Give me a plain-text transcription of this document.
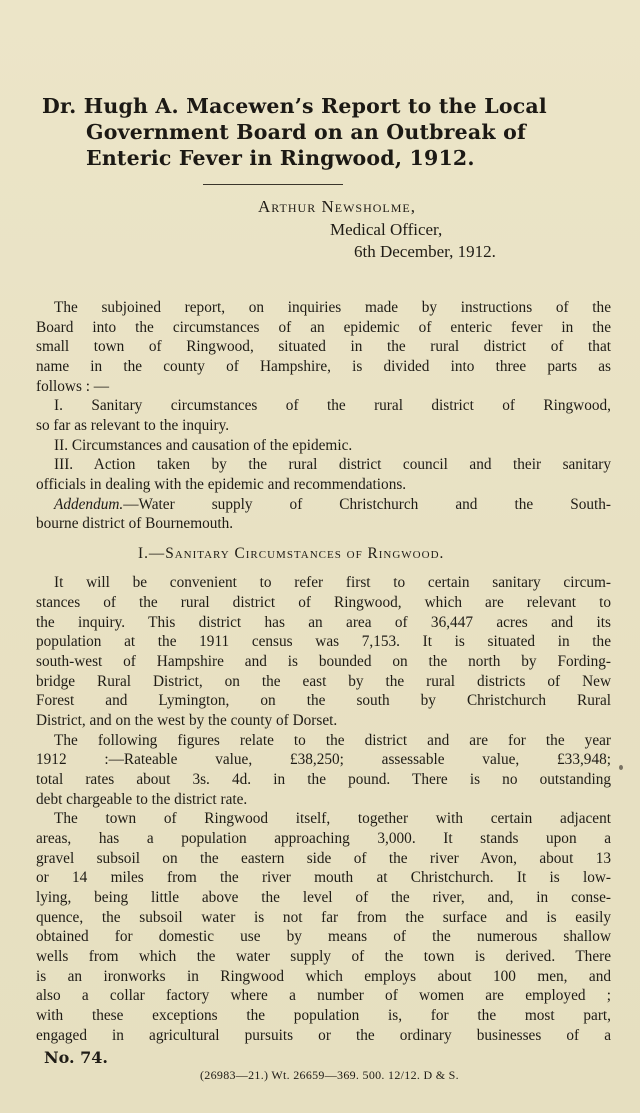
Dr. Hugh A. Macewen’s Report to the Local
Government Board on an Outbreak of
Enteric Fever in Ringwood, 1912.
Arthur Newsholme,
Medical Officer,
6th December, 1912.
The subjoined report, on inquiries made by instructions of the
Board into the circumstances of an epidemic of enteric fever in the
small town of Ringwood, situated in the rural district of that
name in the county of Hampshire, is divided into three parts as
follows : —
I. Sanitary circumstances of the rural district of Ringwood,
so far as relevant to the inquiry.
II. Circumstances and causation of the epidemic.
III. Action taken by the rural district council and their sanitary
officials in dealing with the epidemic and recommendations.
Addendum. —Water supply of Christchurch and the South-
bourne district of Bournemouth.
I.—Sanitary Circumstances of Ringwood.
It will be convenient to refer first to certain sanitary circum-
stances of the rural district of Ringwood, which are relevant to
the inquiry. This district has an area of 36,447 acres and its
population at the 1911 census was 7,153. It is situated in the
south-west of Hampshire and is bounded on the north by Fording-
bridge Rural District, on the east by the rural districts of New
Forest and Lymington, on the south by Christchurch Rural
District, and on the west by the county of Dorset.
The following figures relate to the district and are for the year
1912 :—Rateable value, £38,250; assessable value, £33,948;
total rates about 3s. 4d. in the pound. There is no outstanding
debt chargeable to the district rate.
The town of Ringwood itself, together with certain adjacent
areas, has a population approaching 3,000. It stands upon a
gravel subsoil on the eastern side of the river Avon, about 13
or 14 miles from the river mouth at Christchurch. It is low-
lying, being little above the level of the river, and, in conse-
quence, the subsoil water is not far from the surface and is easily
obtained for domestic use by means of the numerous shallow
wells from which the water supply of the town is derived. There
is an ironworks in Ringwood which employs about 100 men, and
also a collar factory where a number of women are employed ;
with these exceptions the population is, for the most part,
engaged in agricultural pursuits or the ordinary businesses of a
No. 74.
(26983—21.) Wt. 26659—369. 500. 12/12. D & S.
